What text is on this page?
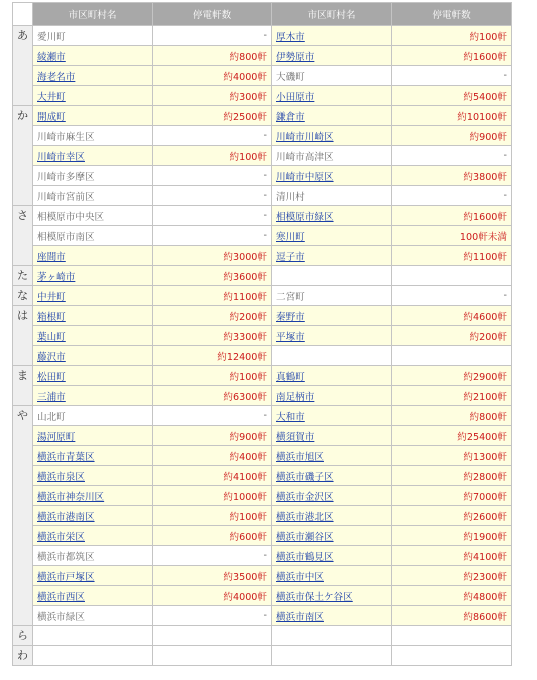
	市区町村名	停電軒数	市区町村名	停電軒数
あ	愛川町	-	厚木市	約100軒
	綾瀬市	約800軒	伊勢原市	約1600軒
	海老名市	約4000軒	大磯町	-
	大井町	約300軒	小田原市	約5400軒
か	開成町	約2500軒	鎌倉市	約10100軒
	川崎市麻生区	-	川崎市川崎区	約900軒
	川崎市幸区	約100軒	川崎市高津区	-
	川崎市多摩区	-	川崎市中原区	約3800軒
	川崎市宮前区	-	清川村	-
さ	相模原市中央区	-	相模原市緑区	約1600軒
	相模原市南区	-	寒川町	100軒未満
	座間市	約3000軒	逗子市	約1100軒
た	茅ヶ崎市	約3600軒		
な	中井町	約1100軒	二宮町	-
は	箱根町	約200軒	秦野市	約4600軒
	葉山町	約3300軒	平塚市	約200軒
	藤沢市	約12400軒		
ま	松田町	約100軒	真鶴町	約2900軒
	三浦市	約6300軒	南足柄市	約2100軒
や	山北町	-	大和市	約800軒
	湯河原町	約900軒	横須賀市	約25400軒
	横浜市青葉区	約400軒	横浜市旭区	約1300軒
	横浜市泉区	約4100軒	横浜市磯子区	約2800軒
	横浜市神奈川区	約1000軒	横浜市金沢区	約7000軒
	横浜市港南区	約100軒	横浜市港北区	約2600軒
	横浜市栄区	約600軒	横浜市瀬谷区	約1900軒
	横浜市都筑区	-	横浜市鶴見区	約4100軒
	横浜市戸塚区	約3500軒	横浜市中区	約2300軒
	横浜市西区	約4000軒	横浜市保土ケ谷区	約4800軒
	横浜市緑区	-	横浜市南区	約8600軒
ら				
わ				
